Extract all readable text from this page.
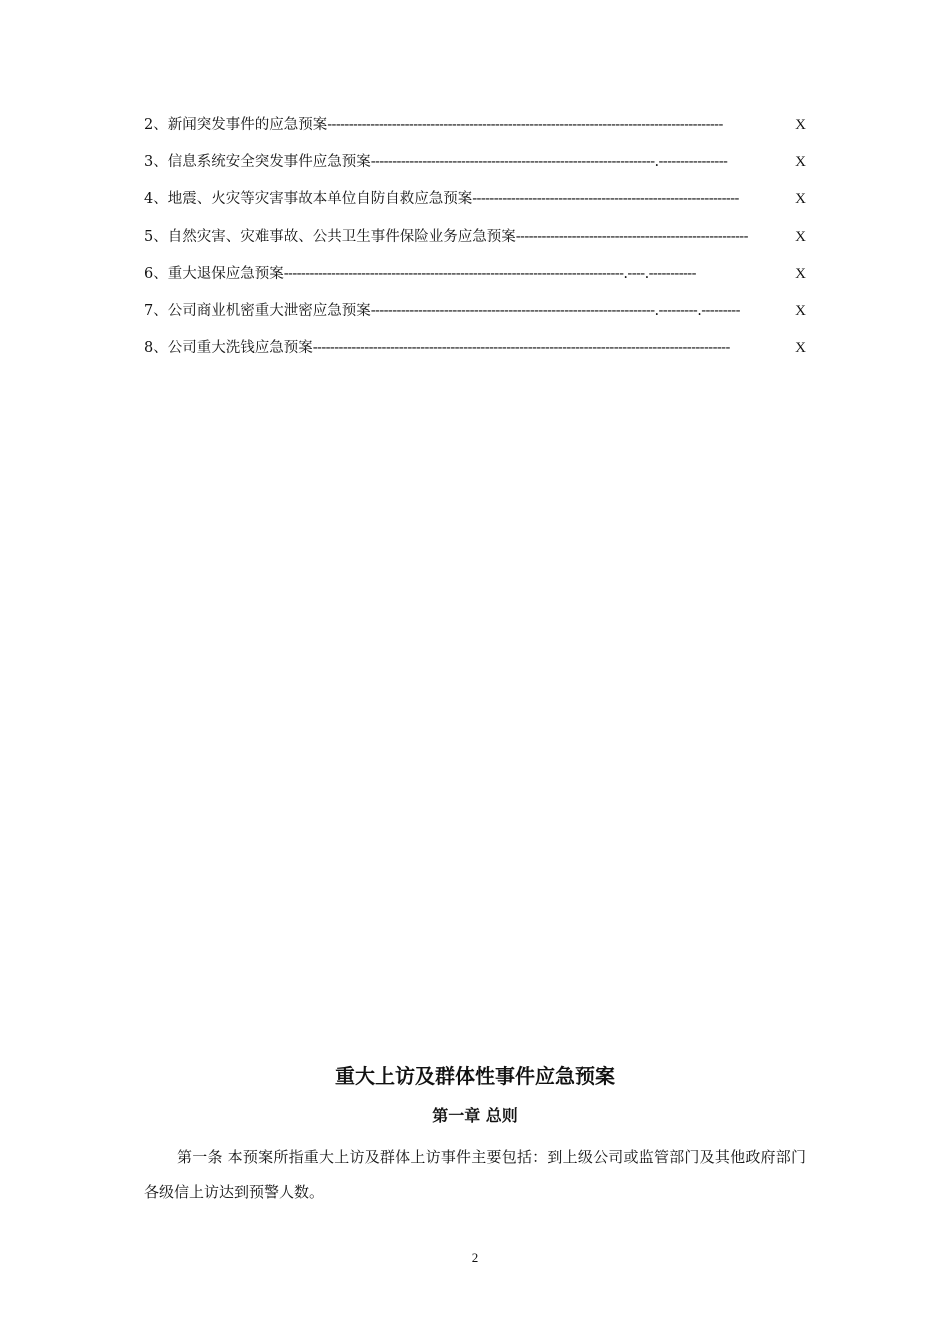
2、新闻突发事件的应急预案 --------------------------------------------------------------------------------------------	X
3、信息系统安全突发事件应急预案 ------------------------------------------------------------------.----------------	X
4、地震、火灾等灾害事故本单位自防自救应急预案 --------------------------------------------------------------	X
5、自然灾害、灾难事故、公共卫生事件保险业务应急预案 ------------------------------------------------------	X
6、重大退保应急预案 -------------------------------------------------------------------------------.----.-----------	X
7、公司商业机密重大泄密应急预案 ------------------------------------------------------------------.---------.---------	X
8、公司重大洗钱应急预案 -------------------------------------------------------------------------------------------------	X
重大上访及群体性事件应急预案
第一章 总则
第一条 本预案所指重大上访及群体上访事件主要包括：到上级公司或监管部门及其他政府部门各级信上访达到预警人数。
2
